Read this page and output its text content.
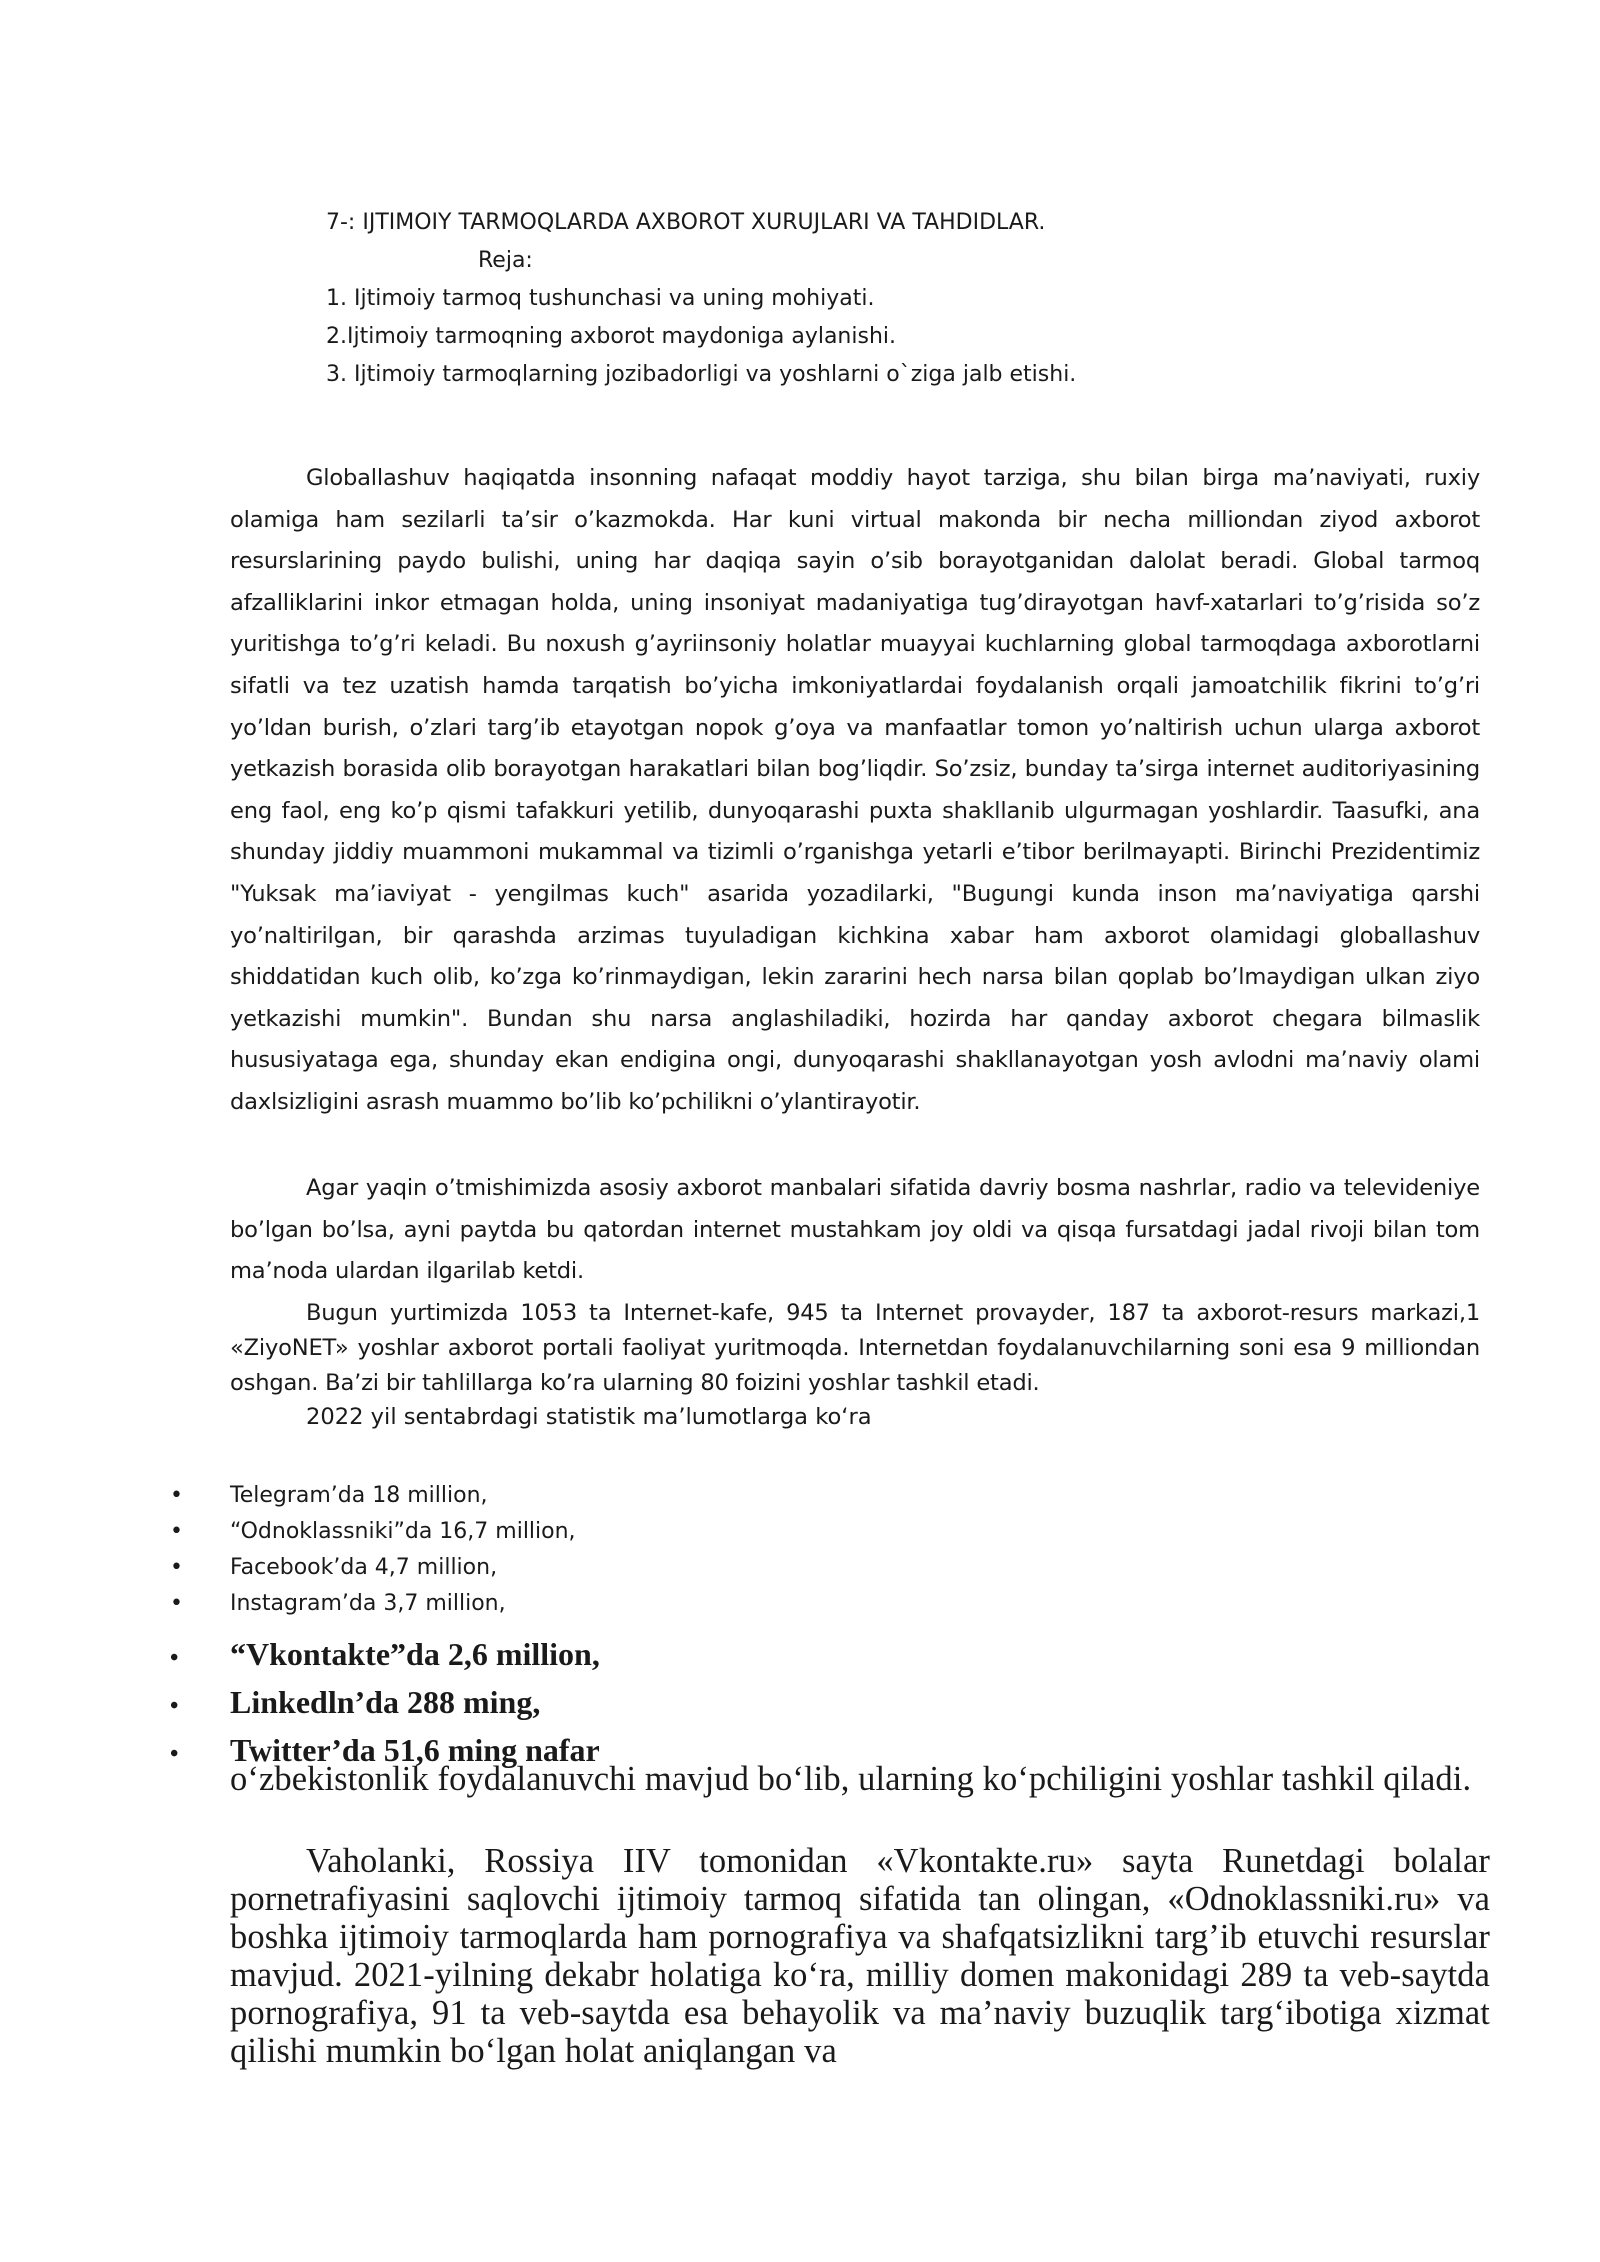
7-: IJTIMOIY TARMOQLARDA AXBOROT XURUJLARI VA TAHDIDLAR.
Reja:
1. Ijtimoiy tarmoq tushunchasi va uning mohiyati.
2.Ijtimoiy tarmoqning axborot maydoniga aylanishi.
3. Ijtimoiy tarmoqlarning jozibadorligi va yoshlarni o`ziga jalb etishi.

Globallashuv haqiqatda insonning nafaqat moddiy hayot tarziga, shu bilan birga ma’naviyati, ruxiy olamiga ham sezilarli ta’sir o’kazmokda. Har kuni virtual makonda bir necha milliondan ziyod axborot resurslarining paydo bulishi, uning har daqiqa sayin o’sib borayotganidan dalolat beradi. Global tarmoq afzalliklarini inkor etmagan holda, uning insoniyat madaniyatiga tug’dirayotgan havf-xatarlari to’g’risida so’z yuritishga to’g’ri keladi. Bu noxush g’ayriinsoniy holatlar muayyai kuchlarning global tarmoqdaga axborotlarni sifatli va tez uzatish hamda tarqatish bo’yicha imkoniyatlardai foydalanish orqali jamoatchilik fikrini to’g’ri yo’ldan burish, o’zlari targ’ib etayotgan nopok g’oya va manfaatlar tomon yo’naltirish uchun ularga axborot yetkazish borasida olib borayotgan harakatlari bilan bog’liqdir. So’zsiz, bunday ta’sirga internet auditoriyasining eng faol, eng ko’p qismi tafakkuri yetilib, dunyoqarashi puxta shakllanib ulgurmagan yoshlardir. Taasufki, ana shunday jiddiy muammoni mukammal va tizimli o’rganishga yetarli e’tibor berilmayapti. Birinchi Prezidentimiz "Yuksak ma’iaviyat - yengilmas kuch" asarida yozadilarki, "Bugungi kunda inson ma’naviyatiga qarshi yo’naltirilgan, bir qarashda arzimas tuyuladigan kichkina xabar ham axborot olamidagi globallashuv shiddatidan kuch olib, ko’zga ko’rinmaydigan, lekin zararini hech narsa bilan qoplab bo’lmaydigan ulkan ziyo yetkazishi mumkin". Bundan shu narsa anglashiladiki, hozirda har qanday axborot chegara bilmaslik hususiyataga ega, shunday ekan endigina ongi, dunyoqarashi shakllanayotgan yosh avlodni ma’naviy olami daxlsizligini asrash muammo bo’lib ko’pchilikni o’ylantirayotir.

Agar yaqin o’tmishimizda asosiy axborot manbalari sifatida davriy bosma nashrlar, radio va televideniye bo’lgan bo’lsa, ayni paytda bu qatordan internet mustahkam joy oldi va qisqa fursatdagi jadal rivoji bilan tom ma’noda ulardan ilgarilab ketdi.

Bugun yurtimizda 1053 ta Internet-kafe, 945 ta Internet provayder, 187 ta axborot-resurs markazi,1 «ZiyoNET» yoshlar axborot portali faoliyat yuritmoqda. Internetdan foydalanuvchilarning soni esa 9 milliondan oshgan. Ba’zi bir tahlillarga ko’ra ularning 80 foizini yoshlar tashkil etadi.

2022 yil sentabrdagi statistik ma’lumotlarga ko‘ra
•	Telegram’da 18 million,
•	“Odnoklassniki”da 16,7 million,
•	Facebook’da 4,7 million,
•	Instagram’da 3,7 million,
•	“Vkontakte”da 2,6 million,
•	Linkedln’da 288 ming,
•	Twitter’da 51,6 ming nafar

o‘zbekistonlik foydalanuvchi mavjud bo‘lib, ularning ko‘pchiligini yoshlar tashkil qiladi.

Vaholanki, Rossiya IIV tomonidan «Vkontakte.ru» sayta Runetdagi bolalar pornetrafiyasini saqlovchi ijtimoiy tarmoq sifatida tan olingan, «Odnoklassniki.ru» va boshka ijtimoiy tarmoqlarda ham pornografiya va shafqatsizlikni targ’ib etuvchi resurslar mavjud. 2021-yilning dekabr holatiga ko‘ra, milliy domen makonidagi 289 ta veb-saytda pornografiya, 91 ta veb-saytda esa behayolik va ma’naviy buzuqlik targ‘ibotiga xizmat qilishi mumkin bo‘lgan holat aniqlangan va
